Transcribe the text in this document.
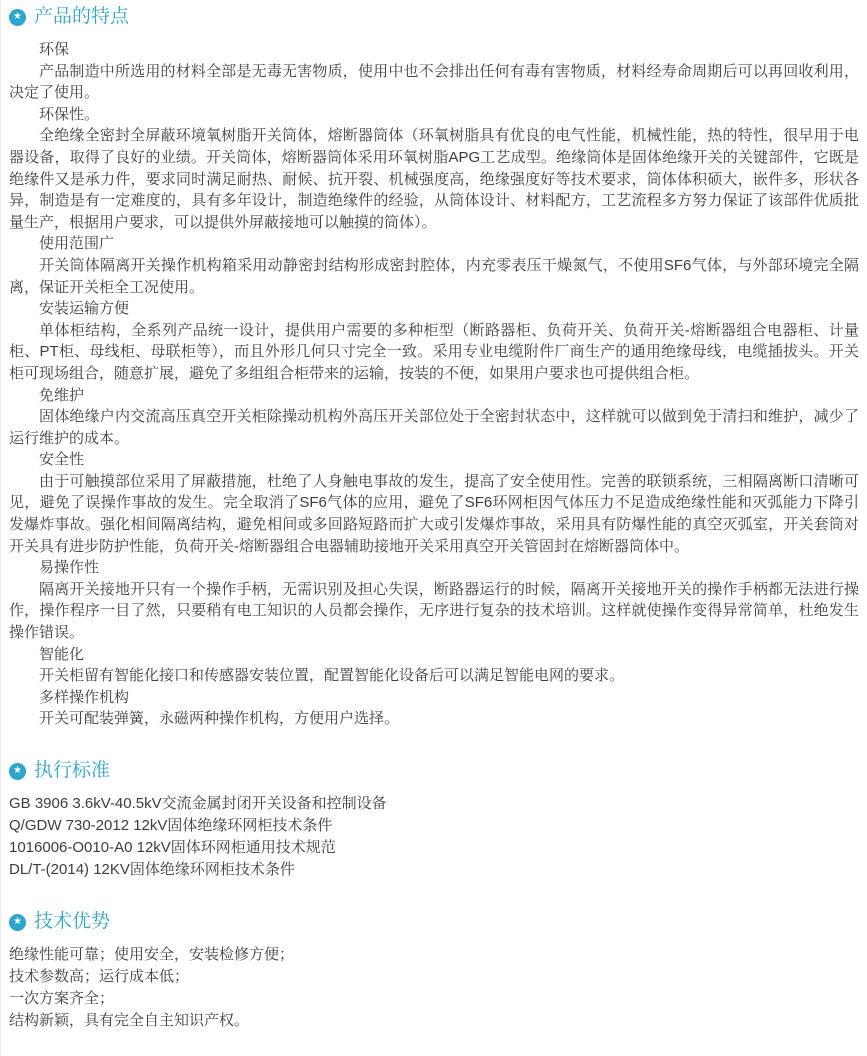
★ 产品的特点

环保

产品制造中所选用的材料全部是无毒无害物质，使用中也不会排出任何有毒有害物质，材料经寿命周期后可以再回收利用，决定了使用。

环保性。

全绝缘全密封全屏蔽环境氧树脂开关筒体，熔断器筒体（环氧树脂具有优良的电气性能，机械性能，热的特性，很早用于电器设备，取得了良好的业绩。开关筒体，熔断器筒体采用环氧树脂APG工艺成型。绝缘筒体是固体绝缘开关的关键部件，它既是绝缘件又是承力件，要求同时满足耐热、耐候、抗开裂、机械强度高，绝缘强度好等技术要求，筒体体积硕大，嵌件多，形状各异，制造是有一定难度的，具有多年设计，制造绝缘件的经验，从筒体设计、材料配方，工艺流程多方努力保证了该部件优质批量生产，根据用户要求，可以提供外屏蔽接地可以触摸的筒体）。

使用范围广

开关筒体隔离开关操作机构箱采用动静密封结构形成密封腔体，内充零表压干燥氮气，不使用SF6气体，与外部环境完全隔离，保证开关柜全工况使用。

安装运输方便

单体柜结构，全系列产品统一设计，提供用户需要的多种柜型（断路器柜、负荷开关、负荷开关-熔断器组合电器柜、计量柜、PT柜、母线柜、母联柜等），而且外形几何只寸完全一致。采用专业电缆附件厂商生产的通用绝缘母线，电缆插拔头。开关柜可现场组合，随意扩展，避免了多组组合柜带来的运输，按装的不便，如果用户要求也可提供组合柜。

免维护

固体绝缘户内交流高压真空开关柜除操动机构外高压开关部位处于全密封状态中，这样就可以做到免于清扫和维护，减少了运行维护的成本。

安全性

由于可触摸部位采用了屏蔽措施，杜绝了人身触电事故的发生，提高了安全使用性。完善的联锁系统，三相隔离断口清晰可见，避免了误操作事故的发生。完全取消了SF6气体的应用，避免了SF6环网柜因气体压力不足造成绝缘性能和灭弧能力下降引发爆炸事故。强化相间隔离结构，避免相间或多回路短路而扩大或引发爆炸事故，采用具有防爆性能的真空灭弧室，开关套筒对开关具有进步防护性能，负荷开关-熔断器组合电器辅助接地开关采用真空开关管固封在熔断器筒体中。

易操作性

隔离开关接地开只有一个操作手柄，无需识别及担心失误，断路器运行的时候，隔离开关接地开关的操作手柄都无法进行操作，操作程序一目了然，只要稍有电工知识的人员都会操作，无序进行复杂的技术培训。这样就使操作变得异常简单，杜绝发生操作错误。

智能化

开关柜留有智能化接口和传感器安装位置，配置智能化设备后可以满足智能电网的要求。

多样操作机构

开关可配装弹簧，永磁两种操作机构，方便用户选择。

★ 执行标准

GB 3906 3.6kV-40.5kV交流金属封闭开关设备和控制设备

Q/GDW 730-2012 12kV固体绝缘环网柜技术条件

1016006-O010-A0 12kV固体环网柜通用技术规范

DL/T-(2014) 12KV固体绝缘环网柜技术条件

★ 技术优势

绝缘性能可靠；使用安全，安装检修方便；

技术参数高；运行成本低；

一次方案齐全；

结构新颖，具有完全自主知识产权。
